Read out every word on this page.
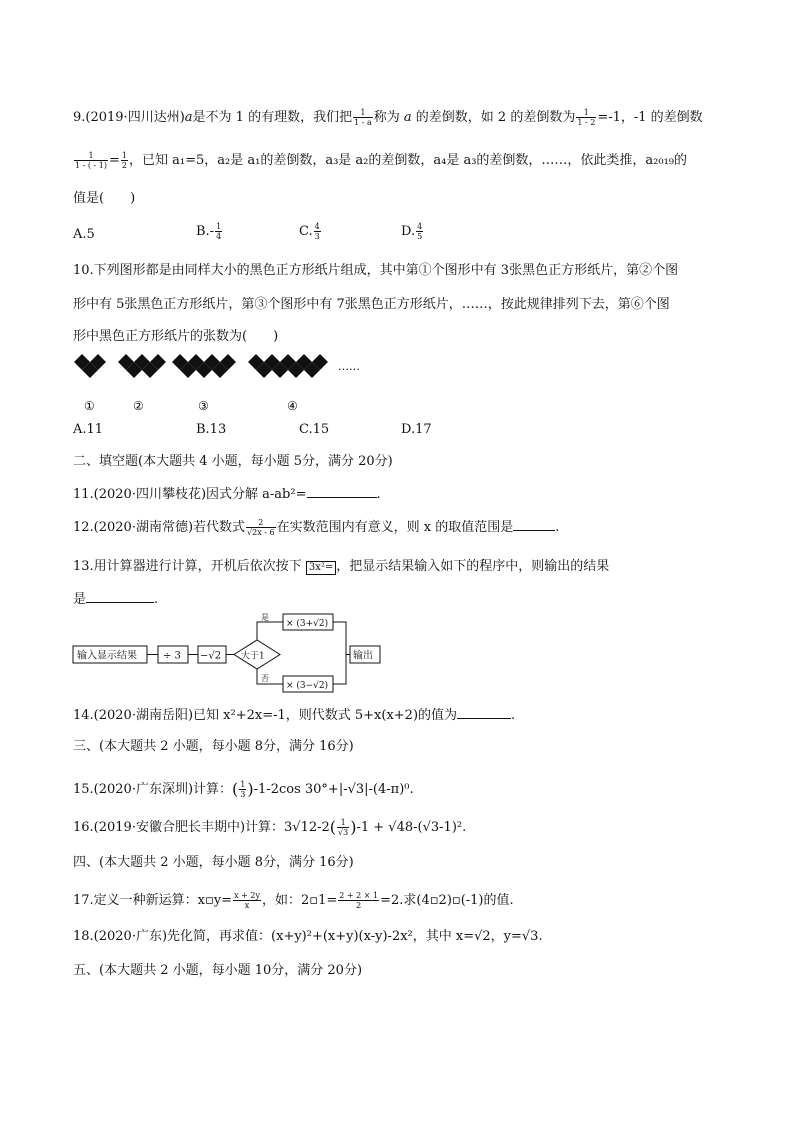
9.(2019·四川达州)a是不为 1 的有理数，我们把 $\frac{1}{1 - a}$ 称为 a 的差倒数，如 2 的差倒数为 $\frac{1}{1 - 2} =-1$，-1 的差倒数
$\frac{1}{1 - ( - 1)} = \frac{1}{2}$ ，已知 a₁=5，a₂是 a₁的差倒数，a₃是 a₂的差倒数，a₄是 a₃的差倒数，……，依此类推，a₂₀₁₉的
值是(　　)
A.5	$B.- \frac{1}{4}$	C. $\frac{4}{3}$	D. $\frac{4}{5}$
10.下列图形都是由同样大小的黑色正方形纸片组成，其中第①个图形中有 3张黑色正方形纸片，第②个图
形中有 5张黑色正方形纸片，第③个图形中有 7张黑色正方形纸片，……，按此规律排列下去，第⑥个图
形中黑色正方形纸片的张数为(　　)
……
①	②	③	④
A.11	B.13	C.15	D.17
二、填空题(本大题共 4 小题，每小题 5分，满分 20分)
11.(2020·四川攀枝花)因式分解 a-ab²=	.
12.(2020·湖南常德)若代数式 $\frac{2}{√2x - 6}$ 在实数范围内有意义，则 x 的取值范围是	.
13.用计算器进行计算，开机后依次按下 3x²= ，把显示结果输入如下的程序中，则输出的结果
是	.
输入显示结果	÷ 3 −√2 大于1
是
否
× (3+√2)
× (3−√2)
输出
14.(2020·湖南岳阳)已知 x²+2x=-1，则代数式 5+x(x+2)的值为	.
三、(本大题共 2 小题，每小题 8分，满分 16分)
15.(2020·广东深圳)计算：( $\frac{1}{3} )-1-2\cos$ 30°+|-√3|-(4-π)⁰.
16.(2019·安徽合肥长丰期中)计算：$3√12-2( \frac{1}{√3} )-1 + √48-(√3-1)^2$.
四、(本大题共 2 小题，每小题 8分，满分 16分)
17.定义一种新运算：x▫y= $\frac{x + 2y}{x}$ ，如：2▫1= $\frac{2 + 2 \times 1}{2} =2$.求(4▫2)▫(-1)的值.
18.(2020·广东)先化简，再求值：(x+y)²+(x+y)(x-y)-2x²，其中 x=√2，y=√3.
五、(本大题共 2 小题，每小题 10分，满分 20分)
